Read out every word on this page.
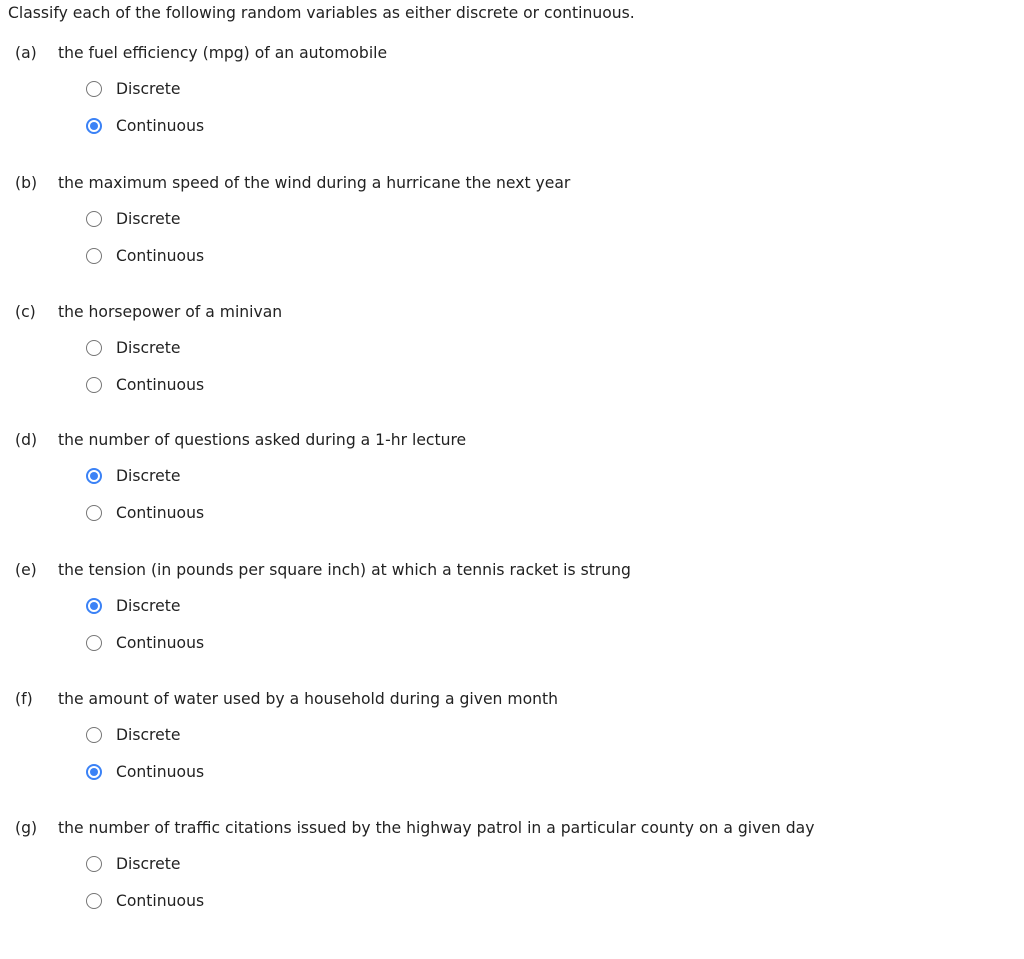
Classify each of the following random variables as either discrete or continuous.
(a) the fuel efficiency (mpg) of an automobile
Discrete
Continuous
(b) the maximum speed of the wind during a hurricane the next year
Discrete
Continuous
(c) the horsepower of a minivan
Discrete
Continuous
(d) the number of questions asked during a 1-hr lecture
Discrete
Continuous
(e) the tension (in pounds per square inch) at which a tennis racket is strung
Discrete
Continuous
(f) the amount of water used by a household during a given month
Discrete
Continuous
(g) the number of traffic citations issued by the highway patrol in a particular county on a given day
Discrete
Continuous
